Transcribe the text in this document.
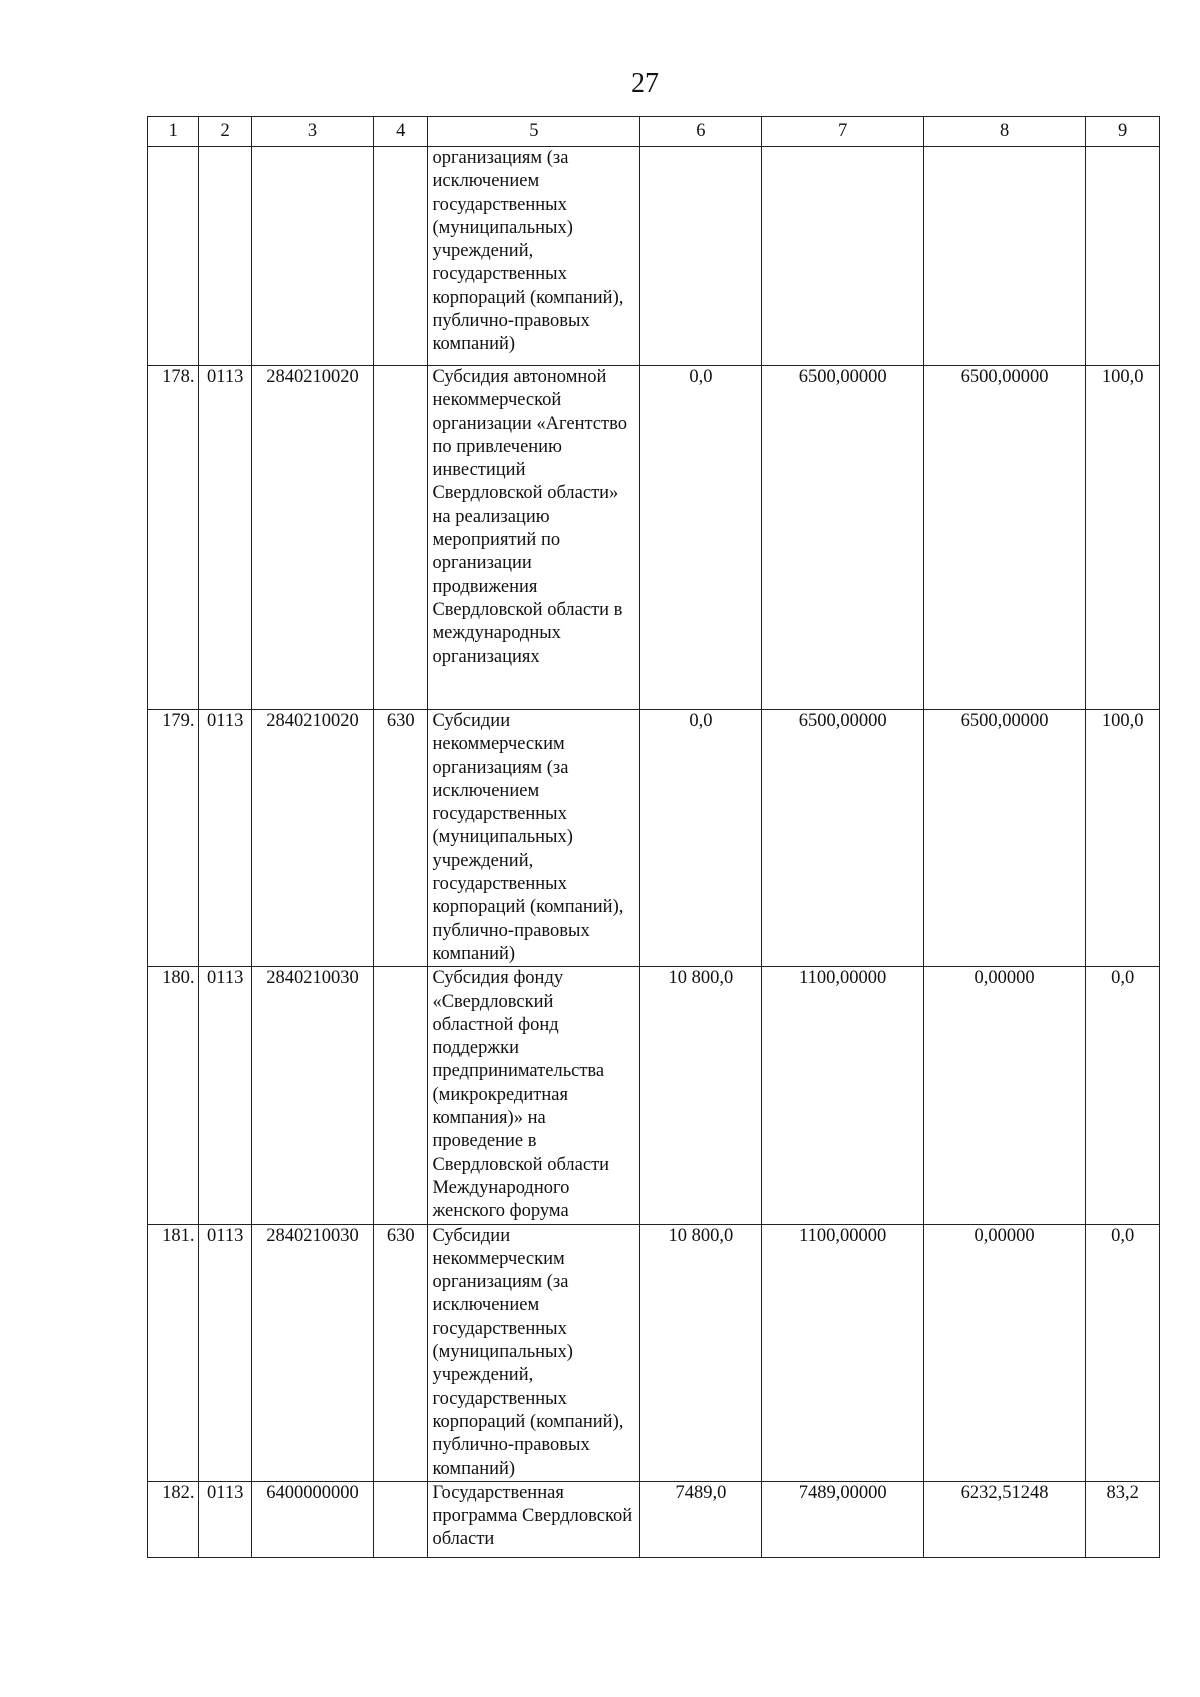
27
1	2	3	4	5	6	7	8	9
				организациям (за исключением государственных (муниципальных) учреждений, государственных корпораций (компаний), публично-правовых компаний)				
178.	0113	2840210020		Субсидия автономной некоммерческой организации «Агентство по привлечению инвестиций Свердловской области» на реализацию мероприятий по организации продвижения Свердловской области в международных организациях	0,0	6500,00000	6500,00000	100,0
179.	0113	2840210020	630	Субсидии некоммерческим организациям (за исключением государственных (муниципальных) учреждений, государственных корпораций (компаний), публично-правовых компаний)	0,0	6500,00000	6500,00000	100,0
180.	0113	2840210030		Субсидия фонду «Свердловский областной фонд поддержки предпринимательства (микрокредитная компания)» на проведение в Свердловской области Международного женского форума	10 800,0	1100,00000	0,00000	0,0
181.	0113	2840210030	630	Субсидии некоммерческим организациям (за исключением государственных (муниципальных) учреждений, государственных корпораций (компаний), публично-правовых компаний)	10 800,0	1100,00000	0,00000	0,0
182.	0113	6400000000		Государственная программа Свердловской области	7489,0	7489,00000	6232,51248	83,2
